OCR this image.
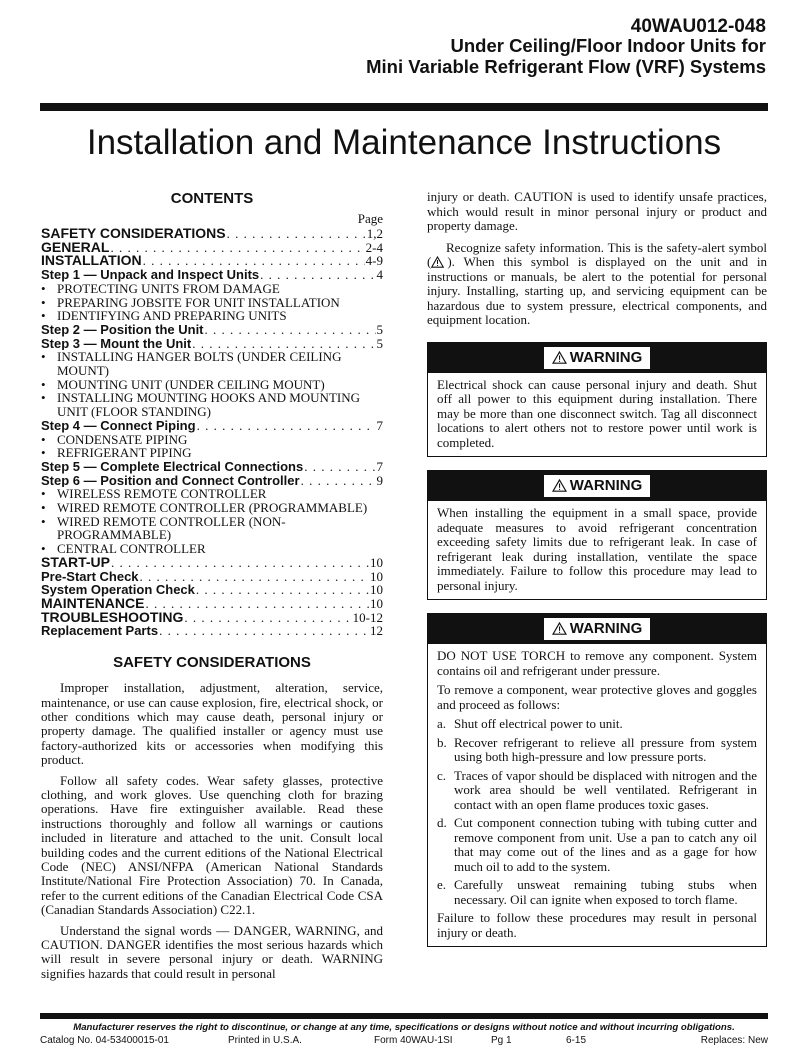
40WAU012-048
Under Ceiling/Floor Indoor Units for
Mini Variable Refrigerant Flow (VRF) Systems
Installation and Maintenance Instructions
CONTENTS
Page
SAFETY CONSIDERATIONS . . .	1,2
GENERAL . . .	2-4
INSTALLATION . . .	4-9
Step 1 — Unpack and Inspect Units . . .	4
• PROTECTING UNITS FROM DAMAGE
• PREPARING JOBSITE FOR UNIT INSTALLATION
• IDENTIFYING AND PREPARING UNITS
Step 2 — Position the Unit . . .	5
Step 3 — Mount the Unit . . .	5
• INSTALLING HANGER BOLTS (UNDER CEILING MOUNT)
• MOUNTING UNIT (UNDER CEILING MOUNT)
• INSTALLING MOUNTING HOOKS AND MOUNTING UNIT (FLOOR STANDING)
Step 4 — Connect Piping . . .	7
• CONDENSATE PIPING
• REFRIGERANT PIPING
Step 5 — Complete Electrical Connections . . .	7
Step 6 — Position and Connect Controller . . .	9
• WIRELESS REMOTE CONTROLLER
• WIRED REMOTE CONTROLLER (PROGRAMMABLE)
• WIRED REMOTE CONTROLLER (NON-PROGRAMMABLE)
• CENTRAL CONTROLLER
START-UP . . .	10
Pre-Start Check . . .	10
System Operation Check . . .	10
MAINTENANCE . . .	10
TROUBLESHOOTING . . .	10-12
Replacement Parts . . .	12
SAFETY CONSIDERATIONS

Improper installation, adjustment, alteration, service, maintenance, or use can cause explosion, fire, electrical shock, or other conditions which may cause death, personal injury or property damage. The qualified installer or agency must use factory-authorized kits or accessories when modifying this product.

Follow all safety codes. Wear safety glasses, protective clothing, and work gloves. Use quenching cloth for brazing operations. Have fire extinguisher available. Read these instructions thoroughly and follow all warnings or cautions included in literature and attached to the unit. Consult local building codes and the current editions of the National Electrical Code (NEC) ANSI/NFPA (American National Standards Institute/National Fire Protection Association) 70. In Canada, refer to the current editions of the Canadian Electrical Code CSA (Canadian Standards Association) C22.1.

Understand the signal words — DANGER, WARNING, and CAUTION. DANGER identifies the most serious hazards which will result in severe personal injury or death. WARNING signifies hazards that could result in personal

injury or death. CAUTION is used to identify unsafe practices, which would result in minor personal injury or product and property damage.

Recognize safety information. This is the safety-alert symbol ( ). When this symbol is displayed on the unit and in instructions or manuals, be alert to the potential for personal injury. Installing, starting up, and servicing equipment can be hazardous due to system pressure, electrical components, and equipment location.

WARNING
Electrical shock can cause personal injury and death. Shut off all power to this equipment during installation. There may be more than one disconnect switch. Tag all disconnect locations to alert others not to restore power until work is completed.
WARNING
When installing the equipment in a small space, provide adequate measures to avoid refrigerant concentration exceeding safety limits due to refrigerant leak. In case of refrigerant leak during installation, ventilate the space immediately. Failure to follow this procedure may lead to personal injury.
WARNING

DO NOT USE TORCH to remove any component. System contains oil and refrigerant under pressure.

To remove a component, wear protective gloves and goggles and proceed as follows:

a. Shut off electrical power to unit.
b. Recover refrigerant to relieve all pressure from system using both high-pressure and low pressure ports.
c. Traces of vapor should be displaced with nitrogen and the work area should be well ventilated. Refrigerant in contact with an open flame produces toxic gases.
d. Cut component connection tubing with tubing cutter and remove component from unit. Use a pan to catch any oil that may come out of the lines and as a gage for how much oil to add to the system.
e. Carefully unsweat remaining tubing stubs when necessary. Oil can ignite when exposed to torch flame.

Failure to follow these procedures may result in personal injury or death.

Manufacturer reserves the right to discontinue, or change at any time, specifications or designs without notice and without incurring obligations.
Catalog No. 04-53400015-01	Printed in U.S.A.	Form 40WAU-1SI	Pg 1	6-15	Replaces: New
